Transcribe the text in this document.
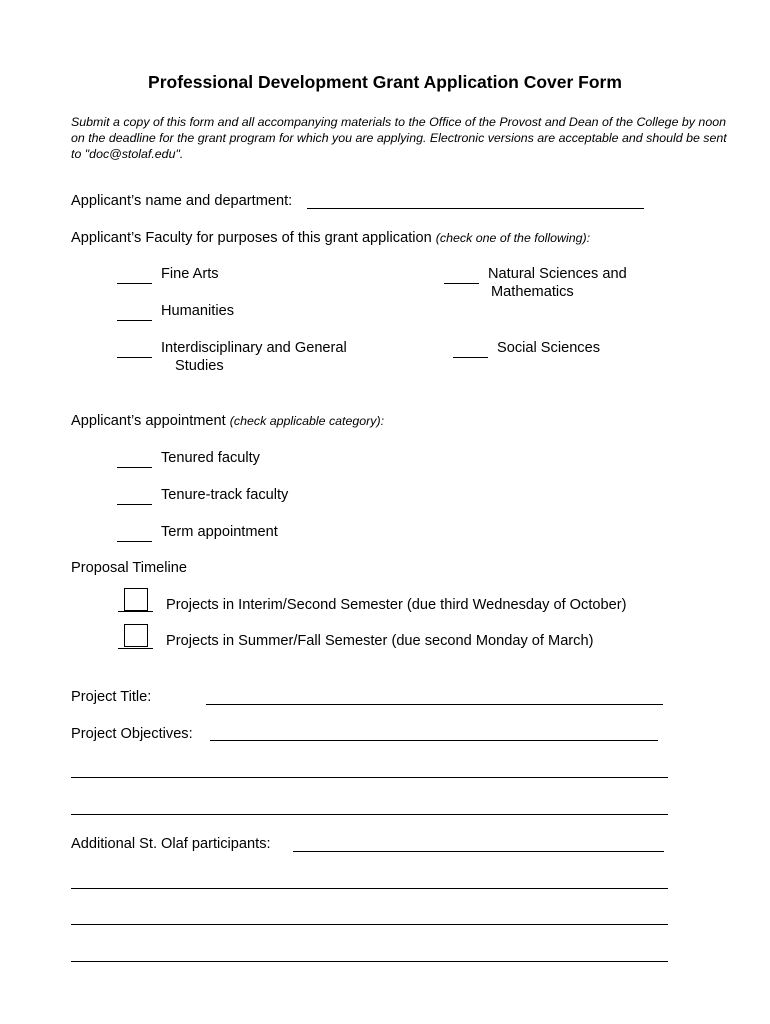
Professional Development Grant Application Cover Form
Submit a copy of this form and all accompanying materials to the Office of the Provost and Dean of the College by noon on the deadline for the grant program for which you are applying. Electronic versions are acceptable and should be sent to "doc@stolaf.edu".
Applicant’s name and department:
Applicant’s Faculty for purposes of this grant application (check one of the following):
Fine Arts
Humanities
Interdisciplinary and General
Studies
Natural Sciences and
Mathematics
Social Sciences
Applicant’s appointment (check applicable category):
Tenured faculty
Tenure-track faculty
Term appointment
Proposal Timeline
Projects in Interim/Second Semester (due third Wednesday of October)
Projects in Summer/Fall Semester (due second Monday of March)
Project Title:
Project Objectives:
Additional St. Olaf participants:
